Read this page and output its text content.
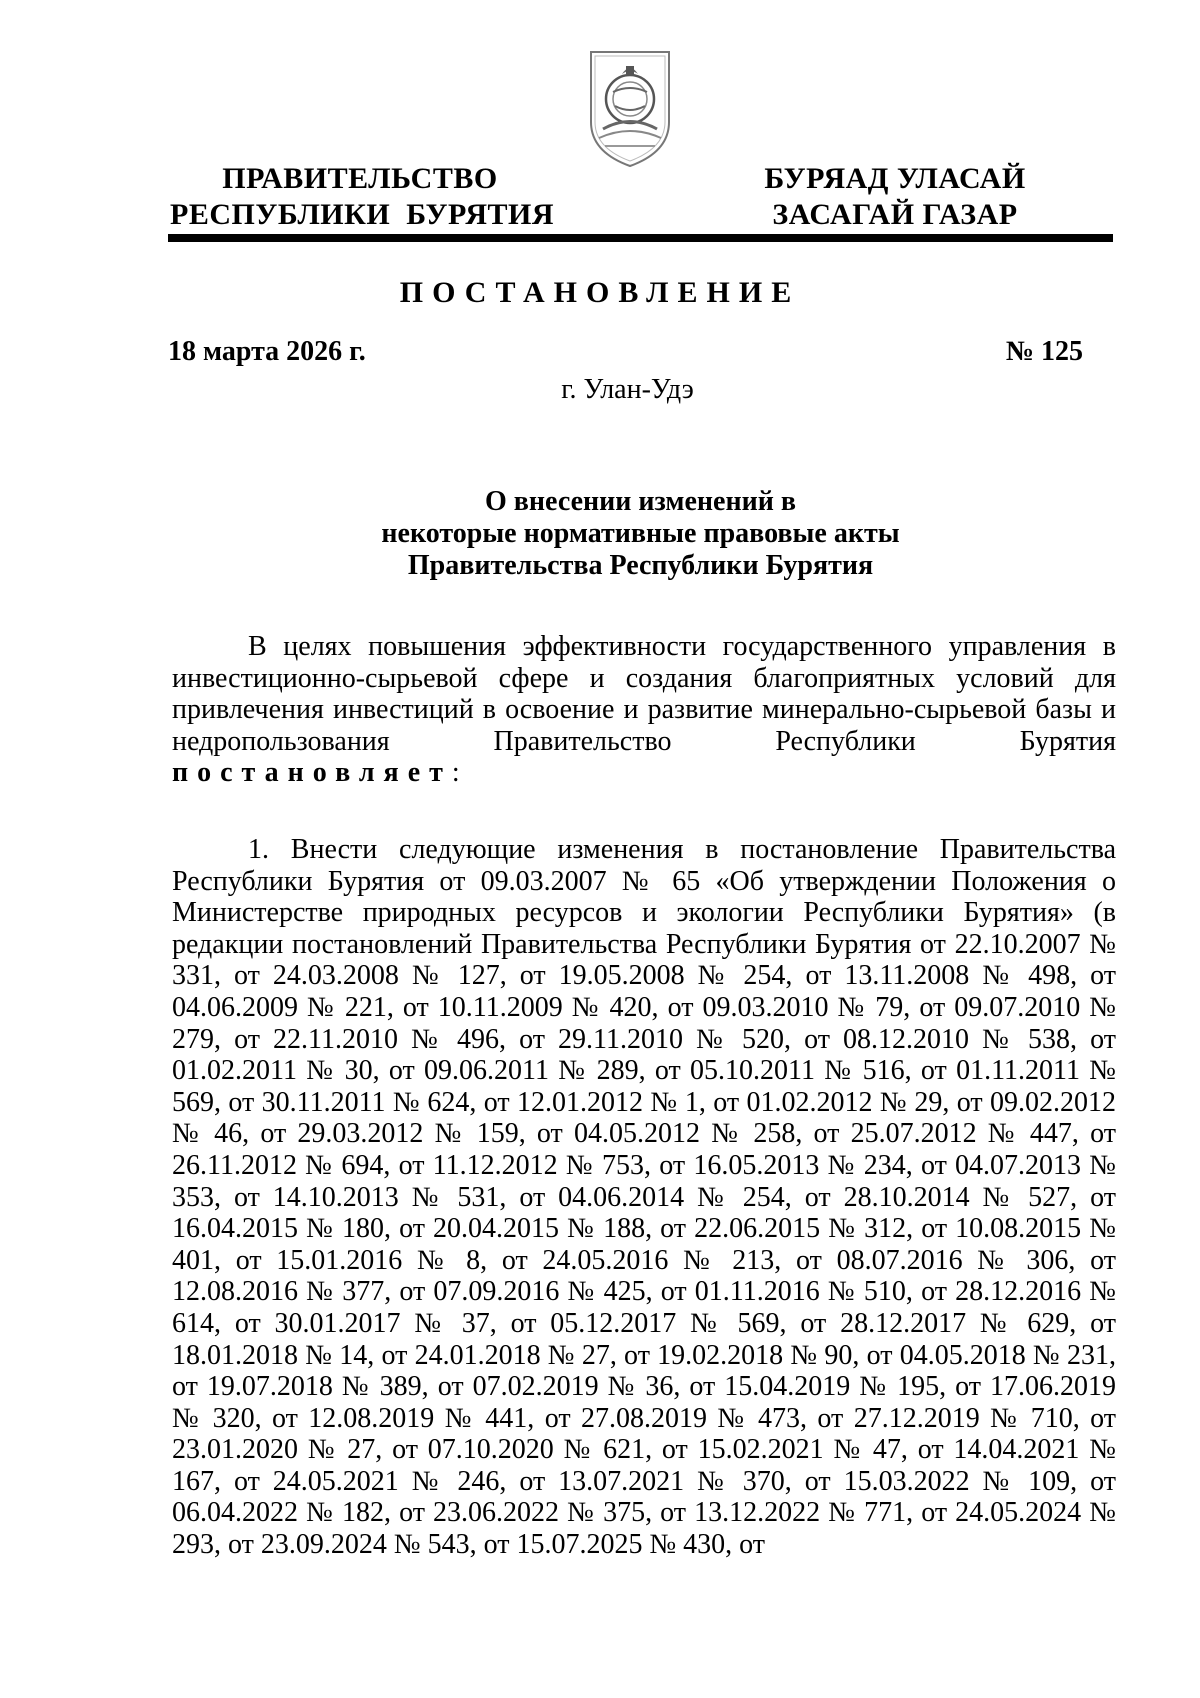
ПРАВИТЕЛЬСТВО
РЕСПУБЛИКИ  БУРЯТИЯ
БУРЯАД УЛАСАЙ
ЗАСАГАЙ ГАЗАР
ПОСТАНОВЛЕНИЕ
18 марта 2026 г.	№ 125
г. Улан-Удэ
О внесении изменений в
некоторые нормативные правовые акты
Правительства Республики Бурятия

В целях повышения эффективности государственного управления в инвестиционно-сырьевой сфере и создания благоприятных условий для привлечения инвестиций в освоение и развитие минерально-сырьевой базы и недропользования Правительство Республики Бурятия постановляет:

1. Внести следующие изменения в постановление Правительства Республики Бурятия от 09.03.2007 № 65 «Об утверждении Положения о Министерстве природных ресурсов и экологии Республики Бурятия» (в редакции постановлений Правительства Республики Бурятия от 22.10.2007 № 331, от 24.03.2008 № 127, от 19.05.2008 № 254, от 13.11.2008 № 498, от 04.06.2009 № 221, от 10.11.2009 № 420, от 09.03.2010 № 79, от 09.07.2010 № 279, от 22.11.2010 № 496, от 29.11.2010 № 520, от 08.12.2010 № 538, от 01.02.2011 № 30, от 09.06.2011 № 289, от 05.10.2011 № 516, от 01.11.2011 № 569, от 30.11.2011 № 624, от 12.01.2012 № 1, от 01.02.2012 № 29, от 09.02.2012 № 46, от 29.03.2012 № 159, от 04.05.2012 № 258, от 25.07.2012 № 447, от 26.11.2012 № 694, от 11.12.2012 № 753, от 16.05.2013 № 234, от 04.07.2013 № 353, от 14.10.2013 № 531, от 04.06.2014 № 254, от 28.10.2014 № 527, от 16.04.2015 № 180, от 20.04.2015 № 188, от 22.06.2015 № 312, от 10.08.2015 № 401, от 15.01.2016 № 8, от 24.05.2016 № 213, от 08.07.2016 № 306, от 12.08.2016 № 377, от 07.09.2016 № 425, от 01.11.2016 № 510, от 28.12.2016 № 614, от 30.01.2017 № 37, от 05.12.2017 № 569, от 28.12.2017 № 629, от 18.01.2018 № 14, от 24.01.2018 № 27, от 19.02.2018 № 90, от 04.05.2018 № 231, от 19.07.2018 № 389, от 07.02.2019 № 36, от 15.04.2019 № 195, от 17.06.2019 № 320, от 12.08.2019 № 441, от 27.08.2019 № 473, от 27.12.2019 № 710, от 23.01.2020 № 27, от 07.10.2020 № 621, от 15.02.2021 № 47, от 14.04.2021 № 167, от 24.05.2021 № 246, от 13.07.2021 № 370, от 15.03.2022 № 109, от 06.04.2022 № 182, от 23.06.2022 № 375, от 13.12.2022 № 771, от 24.05.2024 № 293, от 23.09.2024 № 543, от 15.07.2025 № 430, от
